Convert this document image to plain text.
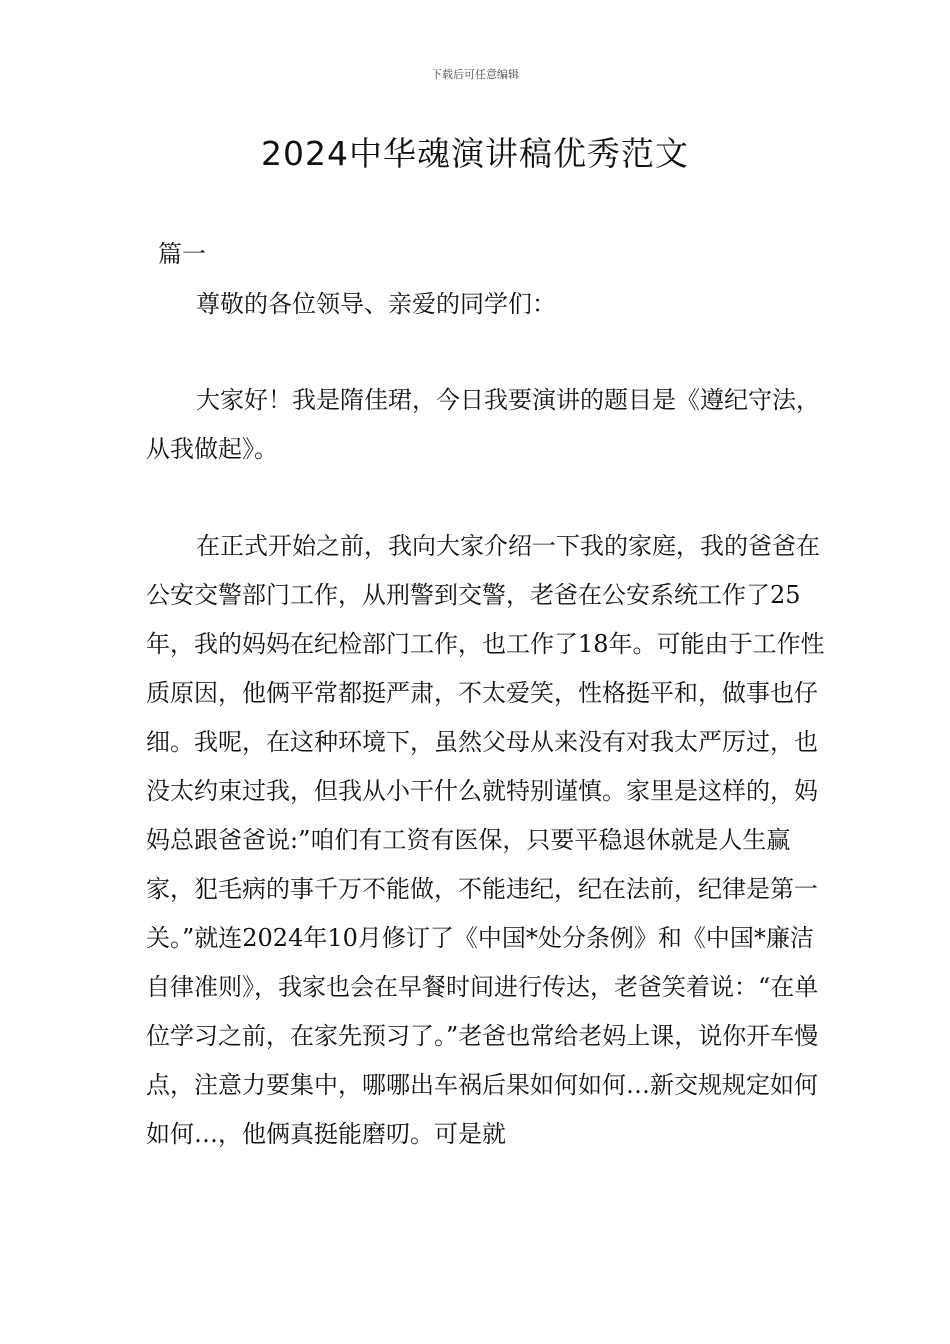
下载后可任意编辑
2024中华魂演讲稿优秀范文
篇一
尊敬的各位领导、亲爱的同学们：

大家好！我是隋佳珺，今日我要演讲的题目是《遵纪守法，从我做起》。

在正式开始之前，我向大家介绍一下我的家庭，我的爸爸在公安交警部门工作，从刑警到交警，老爸在公安系统工作了25年，我的妈妈在纪检部门工作，也工作了18年。可能由于工作性质原因，他俩平常都挺严肃，不太爱笑，性格挺平和，做事也仔细。我呢，在这种环境下，虽然父母从来没有对我太严厉过，也没太约束过我，但我从小干什么就特别谨慎。家里是这样的，妈妈总跟爸爸说:”咱们有工资有医保，只要平稳退休就是人生赢家，犯毛病的事千万不能做，不能违纪，纪在法前，纪律是第一关。”就连2024年10月修订了《中国*处分条例》和《中国*廉洁自律准则》，我家也会在早餐时间进行传达，老爸笑着说：“在单位学习之前，在家先预习了。”老爸也常给老妈上课，说你开车慢点，注意力要集中，哪哪出车祸后果如何如何…新交规规定如何如何…，他俩真挺能磨叨。可是就
